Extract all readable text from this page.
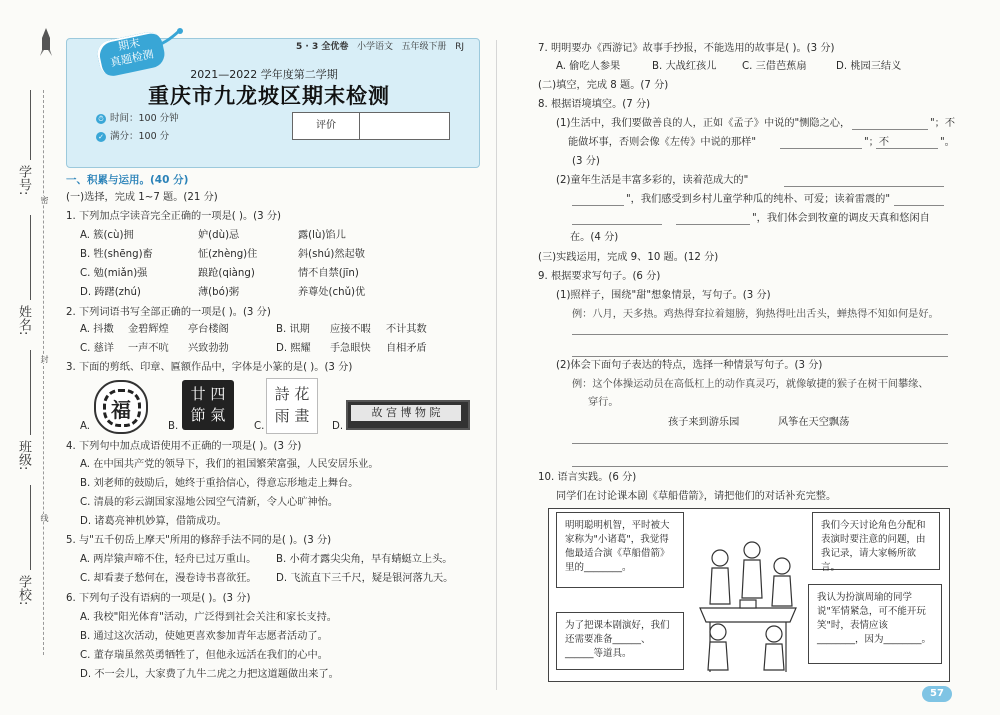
学号:
姓名:
班级:
学校:
密
封
线
期末
真题检测
5 · 3 全优卷 小学语文 五年级下册 RJ
2021—2022 学年度第二学期
重庆市九龙坡区期末检测
⏱ 时间：100 分钟
✓ 满分：100 分
评价
一、积累与运用。(40 分)
(一)选择，完成 1~7 题。(21 分)
1. 下列加点字读音完全正确的一项是( )。(3 分)
A. 簇(cù)拥	妒(dù)忌	露(lù)馅儿
B. 牲(shēng)畜	怔(zhèng)住	斜(shú)然起敬
C. 勉(miǎn)强	踉跄(qiàng)	情不自禁(jīn)
D. 踌躇(zhú)	薄(bó)粥	养尊处(chǔ)优
2. 下列词语书写全部正确的一项是( )。(3 分)
A. 抖擞 金碧辉煌 亭台楼阁	B. 讯期 应接不暇 不计其数
C. 慈详 一声不吭 兴致勃勃	D. 熙耀 手急眼快 自相矛盾
3. 下面的剪纸、印章、匾额作品中，字体是小篆的是( )。(3 分)
A.
福
B.
廿 四
節 氣
C.
詩 花
雨 畫
D.
故 宫 博 物 院
4. 下列句中加点成语使用不正确的一项是( )。(3 分)
A. 在中国共产党的领导下，我们的祖国繁荣富强，人民安居乐业。
B. 刘老师的鼓励后，她终于重拾信心，得意忘形地走上舞台。
C. 清晨的彩云湖国家湿地公园空气清新，令人心旷神怡。
D. 诸葛亮神机妙算，借箭成功。
5. 与"五千仞岳上摩天"所用的修辞手法不同的是( )。(3 分)
A. 两岸猿声啼不住，轻舟已过万重山。 B. 小荷才露尖尖角，早有蜻蜓立上头。
C. 却看妻子愁何在，漫卷诗书喜欲狂。 D. 飞流直下三千尺，疑是银河落九天。
6. 下列句子没有语病的一项是( )。(3 分)
A. 我校"阳光体育"活动，广泛得到社会关注和家长支持。
B. 通过这次活动，使她更喜欢参加青年志愿者活动了。
C. 董存瑞虽然英勇牺牲了，但他永远活在我们的心中。
D. 不一会儿，大家费了九牛二虎之力把这道题做出来了。
7. 明明要办《西游记》故事手抄报，不能选用的故事是( )。(3 分)
A. 偷吃人参果	B. 大战红孩儿	C. 三借芭蕉扇	D. 桃园三结义
(二)填空，完成 8 题。(7 分)
8. 根据语境填空。(7 分)
(1)生活中，我们要做善良的人，正如《孟子》中说的"恻隐之心，	"；不
能做坏事，否则会像《左传》中说的那样"	"；不	"。
(3 分)
(2)童年生活是丰富多彩的，读着范成大的"
"，我们感受到乡村儿童学种瓜的纯朴、可爱；读着雷震的"
"，我们体会到牧童的调皮天真和悠闲自
在。(4 分)
(三)实践运用，完成 9、10 题。(12 分)
9. 根据要求写句子。(6 分)
(1)照样子，围绕"甜"想象情景，写句子。(3 分)
例：八月，天多热。鸡热得耷拉着翅膀，狗热得吐出舌头，蝉热得不知如何是好。
(2)体会下面句子表达的特点，选择一种情景写句子。(3 分)
例：这个体操运动员在高低杠上的动作真灵巧，就像敏捷的猴子在树干间攀缘、
穿行。
孩子来到游乐园	风筝在天空飘荡
10. 语言实践。(6 分)
同学们在讨论课本剧《草船借箭》，请把他们的对话补充完整。
明明聪明机智，平时被大家称为"小诸葛"，我觉得他最适合演《草船借箭》里的________。
我们今天讨论角色分配和表演时要注意的问题，由我记录，请大家畅所欲言。
为了把课本剧演好，我们还需要准备______、______等道具。
我认为扮演周瑜的同学说"军情紧急，可不能开玩笑"时，表情应该________，因为________。
57
